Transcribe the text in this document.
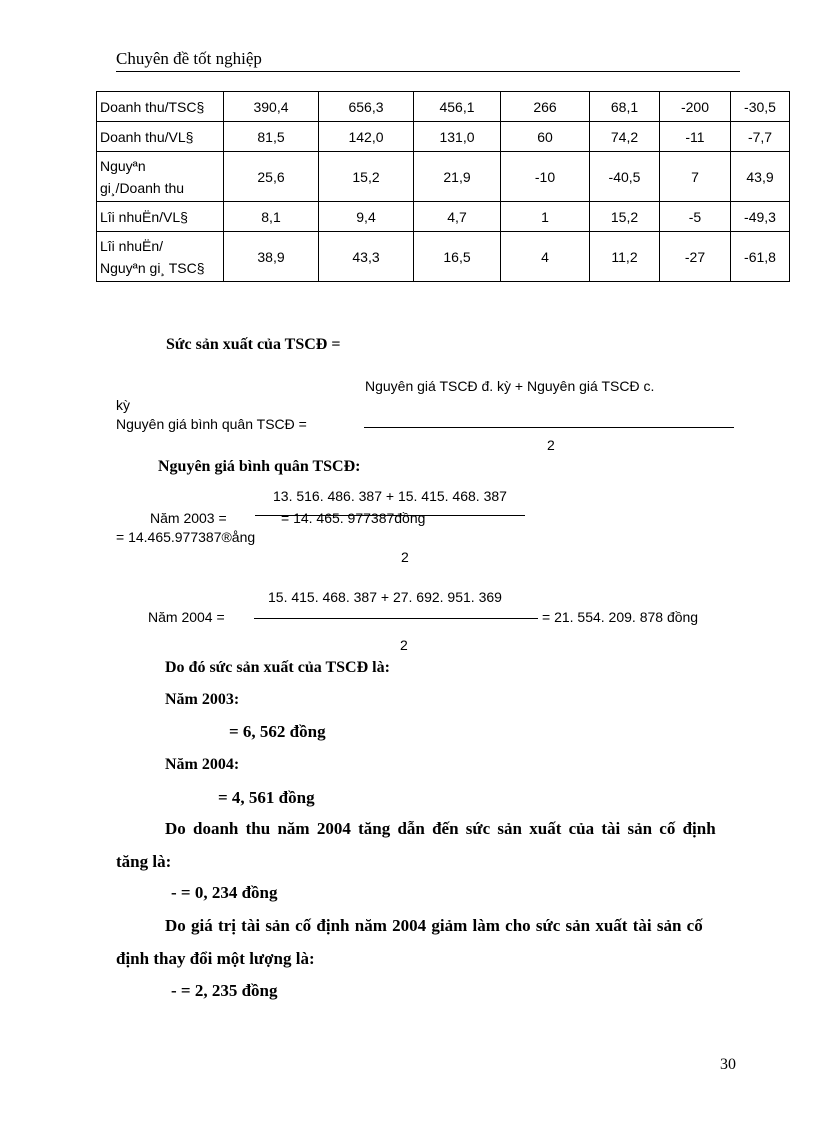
Chuyên đề tốt nghiệp
Doanh thu/TSC§	390,4	656,3	456,1	266	68,1	-200	-30,5

Doanh thu/VL§	81,5	142,0	131,0	60	74,2	-11	-7,7

Nguyªn
gi¸/Doanh thu	25,6	15,2	21,9	-10	-40,5	7	43,9

Lîi nhuËn/VL§	8,1	9,4	4,7	1	15,2	-5	-49,3

Lîi nhuËn/
Nguyªn gi¸ TSC§	38,9	43,3	16,5	4	11,2	-27	-61,8
Sức sản xuất của TSCĐ =
Nguyên giá TSCĐ đ. kỳ + Nguyên giá TSCĐ c.
kỳ
Nguyên giá bình quân TSCĐ =
2
Nguyên giá bình quân TSCĐ:
13. 516. 486. 387 + 15. 415. 468. 387
Năm 2003 =	= 14. 465. 977387đồng
= 14.465.977387®ång
2
15. 415. 468. 387 + 27. 692. 951. 369
Năm 2004 =	= 21. 554. 209. 878 đồng
2
Do đó sức sản xuất của TSCĐ là:
Năm 2003:
= 6, 562 đồng
Năm 2004:
= 4, 561 đồng
Do doanh thu năm 2004 tăng dẫn đến sức sản xuất của tài sản cố định
tăng là:
- = 0, 234 đồng
Do giá trị tài sản cố định năm 2004 giảm làm cho sức sản xuất tài sản cố
định thay đổi một lượng là:
- = 2, 235 đồng
30
